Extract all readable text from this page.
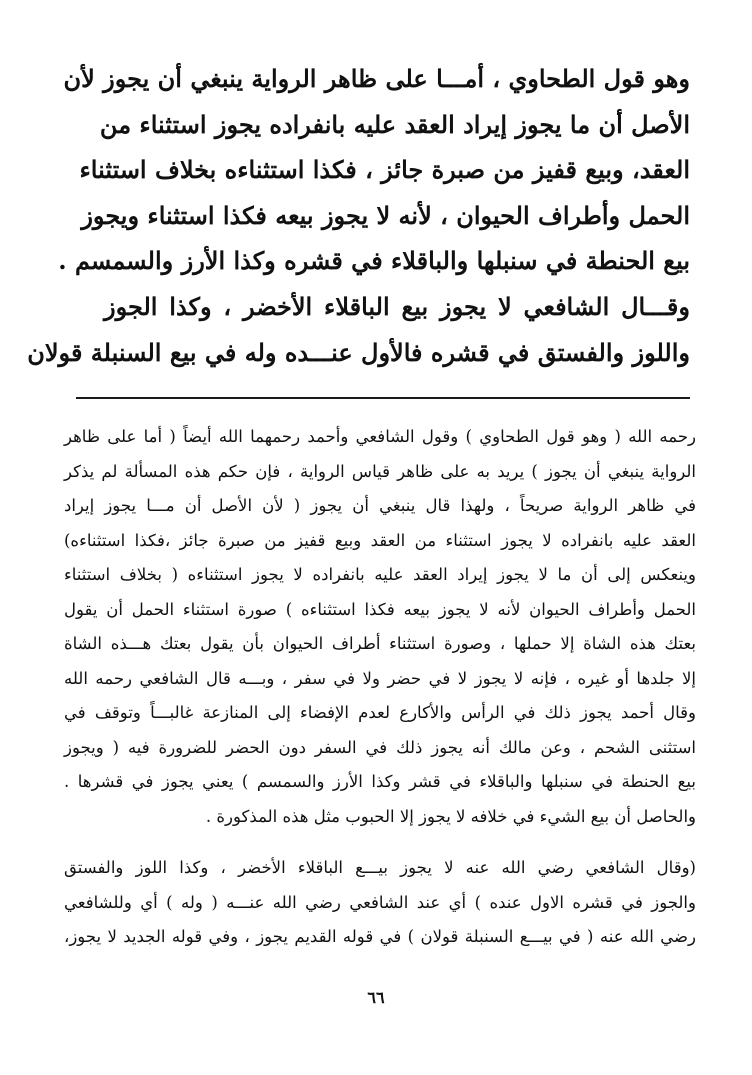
وهو قول الطحاوي ، أمـــا على ظاهر الرواية ينبغي أن يجوز لأن
الأصل أن ما يجوز إيراد العقد عليه بانفراده يجوز استثناء من
العقد، وبيع قفيز من صبرة جائز ، فكذا استثناءه بخلاف استثناء
الحمل وأطراف الحيوان ، لأنه لا يجوز بيعه فكذا استثناء ويجوز
بيع الحنطة في سنبلها والباقلاء في قشره وكذا الأرز والسمسم .
وقـــال الشافعي لا يجوز بيع الباقلاء الأخضر ، وكذا الجوز
واللوز والفستق في قشره فالأول عنـــده وله في بيع السنبلة قولان
رحمه الله ( وهو قول الطحاوي ) وقول الشافعي وأحمد رحمهما الله أيضاً ( أما على ظاهر
الرواية ينبغي أن يجوز ) يريد به على ظاهر قياس الرواية ، فإن حكم هذه المسألة لم يذكر
في ظاهر الرواية صريحاً ، ولهذا قال ينبغي أن يجوز ( لأن الأصل أن مـــا يجوز إيراد
العقد عليه بانفراده لا يجوز استثناء من العقد وبيع قفيز من صبرة جائز ،فكذا استثناءه)
وينعكس إلى أن ما لا يجوز إيراد العقد عليه بانفراده لا يجوز استثناءه ( بخلاف استثناء
الحمل وأطراف الحيوان لأنه لا يجوز بيعه فكذا استثناءه ) صورة استثناء الحمل أن يقول
بعتك هذه الشاة إلا حملها ، وصورة استثناء أطراف الحيوان بأن يقول بعتك هـــذه الشاة
إلا جلدها أو غيره ، فإنه لا يجوز لا في حضر ولا في سفر ، وبـــه قال الشافعي رحمه الله
وقال أحمد يجوز ذلك في الرأس والأكارع لعدم الإفضاء إلى المنازعة غالبـــاً وتوقف في
استثنى الشحم ، وعن مالك أنه يجوز ذلك في السفر دون الحضر للضرورة فيه ( ويجوز
بيع الحنطة في سنبلها والباقلاء في قشر وكذا الأرز والسمسم ) يعني يجوز في قشرها .
والحاصل أن بيع الشيء في خلافه لا يجوز إلا الحبوب مثل هذه المذكورة .
(وقال الشافعي رضي الله عنه لا يجوز بيـــع الباقلاء الأخضر ، وكذا اللوز والفستق
والجوز في قشره الاول عنده ) أي عند الشافعي رضي الله عنـــه ( وله ) أي وللشافعي
رضي الله عنه ( في بيـــع السنبلة قولان ) في قوله القديم يجوز ، وفي قوله الجديد لا يجوز،
٦٦
